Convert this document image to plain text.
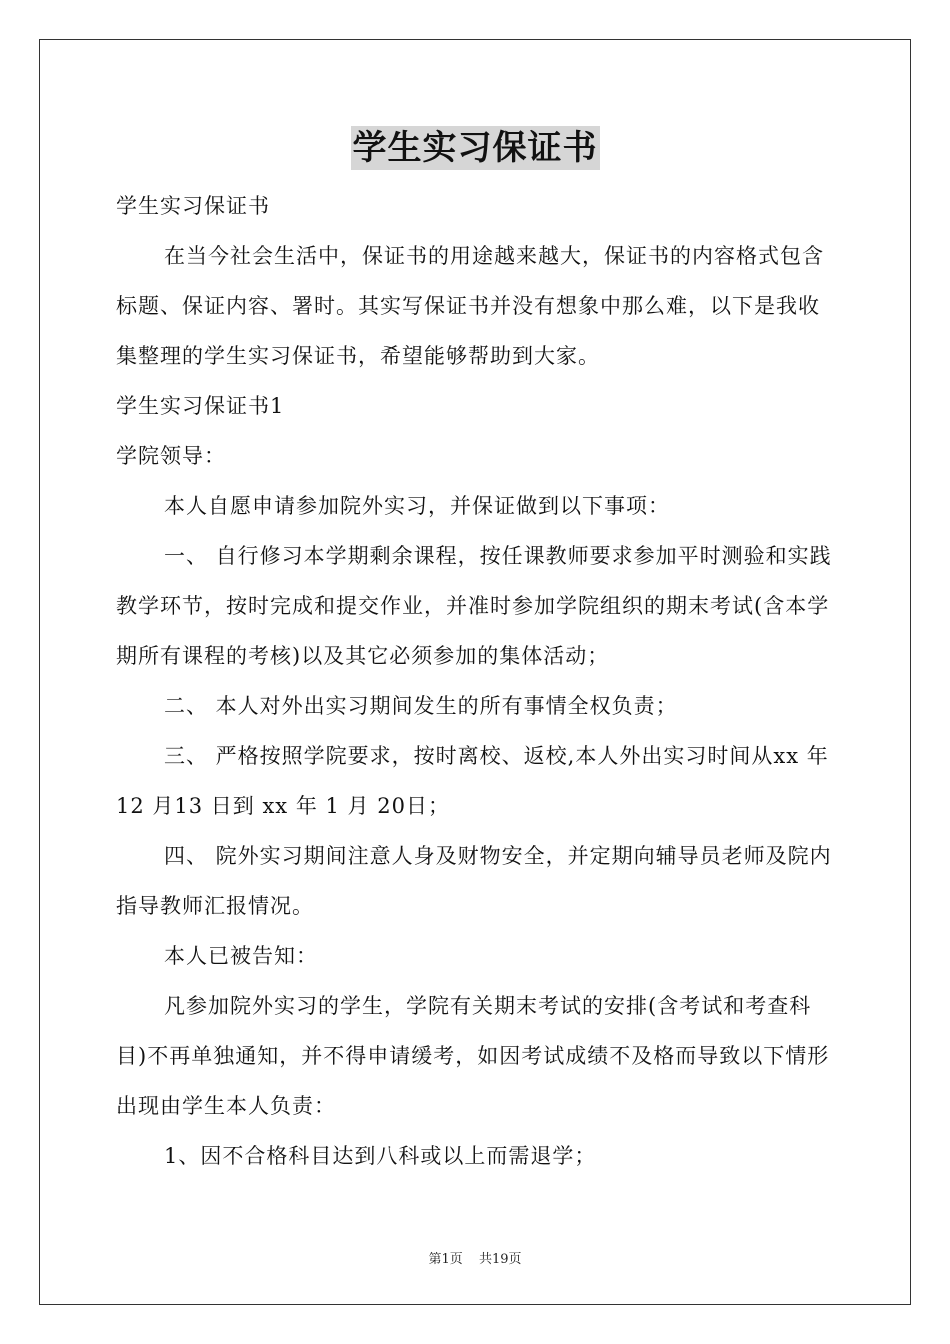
学生实习保证书

学生实习保证书

在当今社会生活中，保证书的用途越来越大，保证书的内容格式包含标题、保证内容、署时。其实写保证书并没有想象中那么难，以下是我收集整理的学生实习保证书，希望能够帮助到大家。

学生实习保证书1

学院领导：

本人自愿申请参加院外实习，并保证做到以下事项：

一、 自行修习本学期剩余课程，按任课教师要求参加平时测验和实践教学环节，按时完成和提交作业，并准时参加学院组织的期末考试(含本学期所有课程的考核)以及其它必须参加的集体活动；

二、 本人对外出实习期间发生的所有事情全权负责；

三、 严格按照学院要求，按时离校、返校,本人外出实习时间从xx 年 12 月13 日到 xx 年 1 月 20日；

四、 院外实习期间注意人身及财物安全，并定期向辅导员老师及院内指导教师汇报情况。

本人已被告知：

凡参加院外实习的学生，学院有关期末考试的安排(含考试和考查科目)不再单独通知，并不得申请缓考，如因考试成绩不及格而导致以下情形出现由学生本人负责：

1、因不合格科目达到八科或以上而需退学；

第1页 共19页
